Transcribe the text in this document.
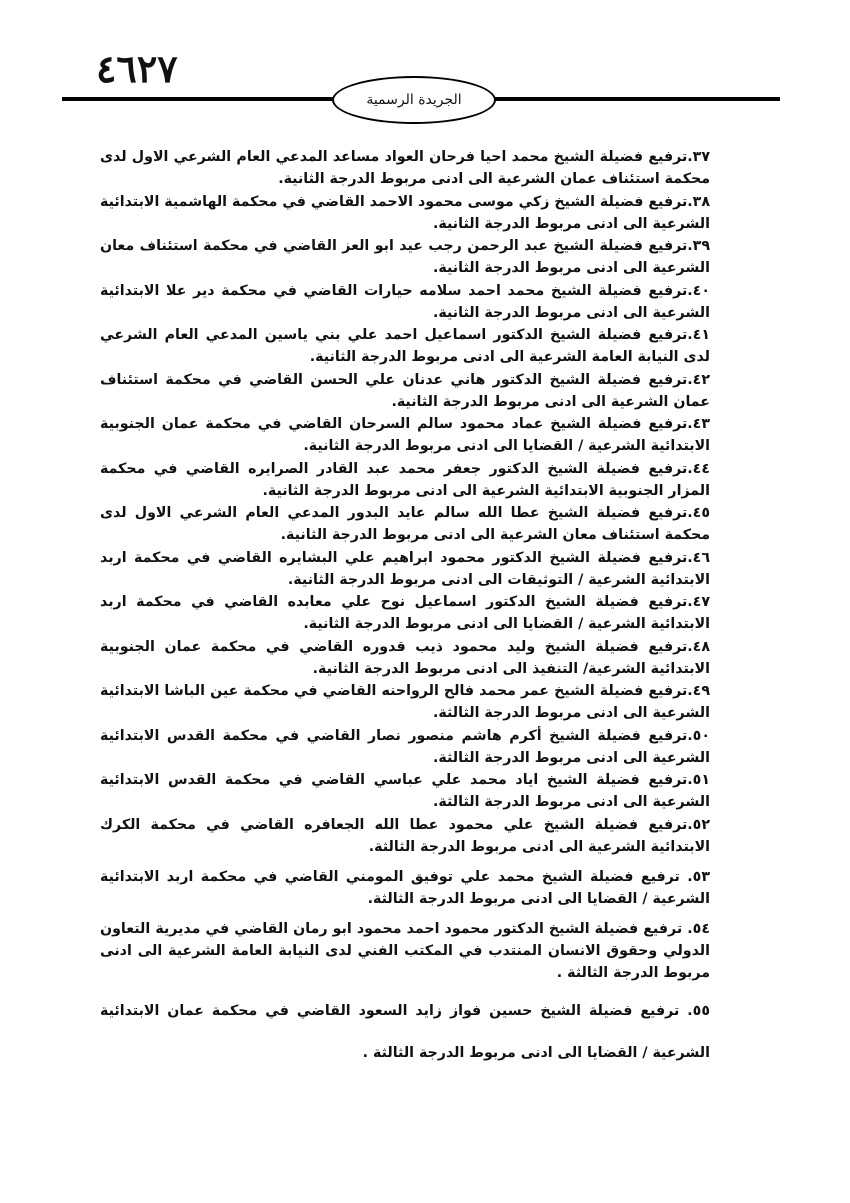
٤٦٢٧
الجريدة الرسمية
٣٧.ترفيع فضيلة الشيخ محمد احيا فرحان العواد مساعد المدعي العام الشرعي الاول لدى محكمة استئناف عمان الشرعية الى ادنى مربوط الدرجة الثانية.
٣٨.ترفيع فضيلة الشيخ زكي موسى محمود الاحمد القاضي في محكمة الهاشمية الابتدائية الشرعية الى ادنى مربوط الدرجة الثانية.
٣٩.ترفيع فضيلة الشيخ عبد الرحمن رجب عيد ابو العز القاضي في محكمة استئناف معان الشرعية الى ادنى مربوط الدرجة الثانية.
٤٠.ترفيع فضيلة الشيخ محمد احمد سلامه حيارات القاضي في محكمة دير علا الابتدائية الشرعية الى ادنى مربوط الدرجة الثانية.
٤١.ترفيع فضيلة الشيخ الدكتور اسماعيل احمد علي بني ياسين المدعي العام الشرعي لدى النيابة العامة الشرعية الى ادنى مربوط الدرجة الثانية.
٤٢.ترفيع فضيلة الشيخ الدكتور هاني عدنان علي الحسن القاضي في محكمة استئناف عمان الشرعية الى ادنى مربوط الدرجة الثانية.
٤٣.ترفيع فضيلة الشيخ عماد محمود سالم السرحان القاضي في محكمة عمان الجنوبية الابتدائية الشرعية / القضايا الى ادنى مربوط الدرجة الثانية.
٤٤.ترفيع فضيلة الشيخ الدكتور جعفر محمد عبد القادر الصرايره القاضي في محكمة المزار الجنوبية الابتدائية الشرعية الى ادنى مربوط الدرجة الثانية.
٤٥.ترفيع فضيلة الشيخ عطا الله سالم عايد البدور المدعي العام الشرعي الاول لدى محكمة استئناف معان الشرعية الى ادنى مربوط الدرجة الثانية.
٤٦.ترفيع فضيلة الشيخ الدكتور محمود ابراهيم علي البشايره القاضي في محكمة اربد الابتدائية الشرعية / التوثيقات الى ادنى مربوط الدرجة الثانية.
٤٧.ترفيع فضيلة الشيخ الدكتور اسماعيل نوح علي معابده القاضي في محكمة اربد الابتدائية الشرعية / القضايا الى ادنى مربوط الدرجة الثانية.
٤٨.ترفيع فضيلة الشيخ وليد محمود ذيب قدوره القاضي في محكمة عمان الجنوبية الابتدائية الشرعية/ التنفيذ الى ادنى مربوط الدرجة الثانية.
٤٩.ترفيع فضيلة الشيخ عمر محمد فالح الرواحنه القاضي في محكمة عين الباشا الابتدائية الشرعية الى ادنى مربوط الدرجة الثالثة.
٥٠.ترفيع فضيلة الشيخ أكرم هاشم منصور نصار القاضي في محكمة القدس الابتدائية الشرعية الى ادنى مربوط الدرجة الثالثة.
٥١.ترفيع فضيلة الشيخ اياد محمد علي عباسي القاضي في محكمة القدس الابتدائية الشرعية الى ادنى مربوط الدرجة الثالثة.
٥٢.ترفيع فضيلة الشيخ علي محمود عطا الله الجعافره القاضي في محكمة الكرك الابتدائية الشرعية الى ادنى مربوط الدرجة الثالثة.
٥٣. ترفيع فضيلة الشيخ محمد علي توفيق المومني القاضي في محكمة اربد الابتدائية الشرعية / القضايا الى ادنى مربوط الدرجة الثالثة.
٥٤. ترفيع فضيلة الشيخ الدكتور محمود احمد محمود ابو رمان القاضي في مديرية التعاون الدولي وحقوق الانسان المنتدب في المكتب الفني لدى النيابة العامة الشرعية الى ادنى مربوط الدرجة الثالثة .
٥٥. ترفيع فضيلة الشيخ حسين فواز زايد السعود القاضي في محكمة عمان الابتدائية الشرعية / القضايا الى ادنى مربوط الدرجة الثالثة .
